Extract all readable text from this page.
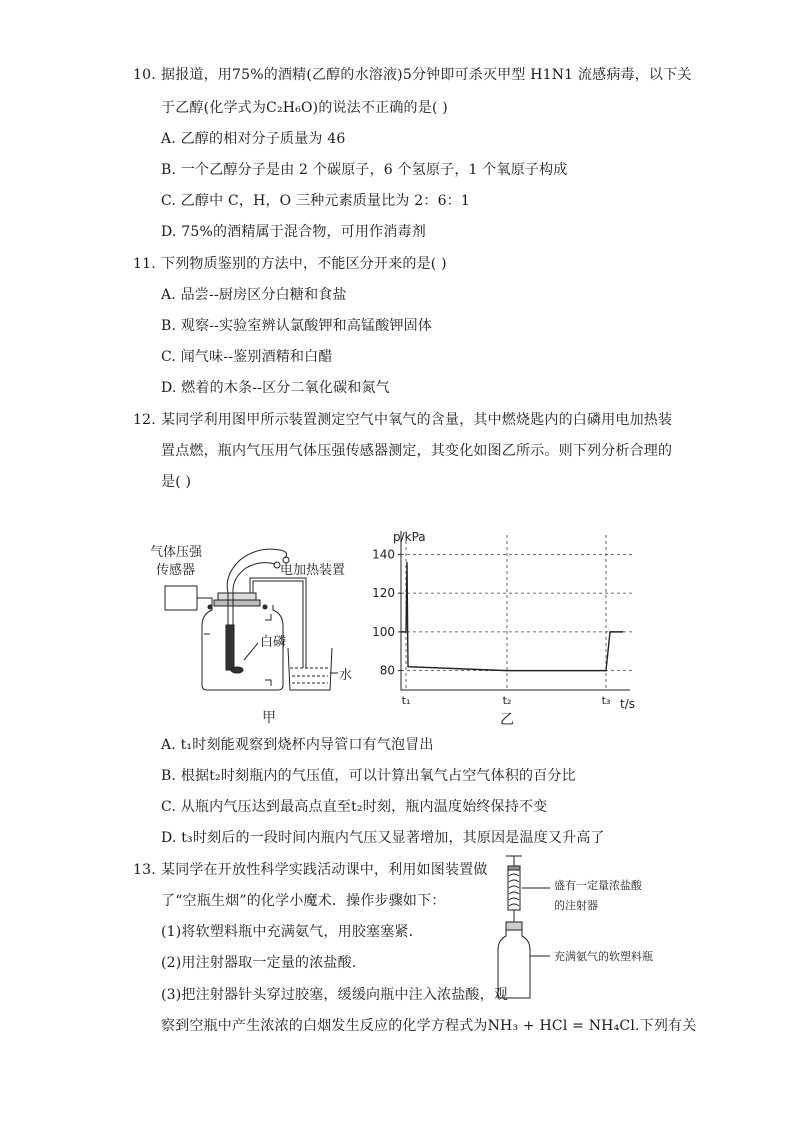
10. 据报道，用75%的酒精(乙醇的水溶液)5分钟即可杀灭甲型 H1N1 流感病毒，以下关
于乙醇(化学式为C₂H₆O)的说法不正确的是( )
A. 乙醇的相对分子质量为 46
B. 一个乙醇分子是由 2 个碳原子，6 个氢原子，1 个氧原子构成
C. 乙醇中 C，H，O 三种元素质量比为 2：6：1
D. 75%的酒精属于混合物，可用作消毒剂
11. 下列物质鉴别的方法中，不能区分开来的是( )
A. 品尝--厨房区分白糖和食盐
B. 观察--实验室辨认氯酸钾和高锰酸钾固体
C. 闻气味--鉴别酒精和白醋
D. 燃着的木条--区分二氧化碳和氮气
12. 某同学利用图甲所示装置测定空气中氧气的含量，其中燃烧匙内的白磷用电加热装
置点燃，瓶内气压用气体压强传感器测定，其变化如图乙所示。则下列分析合理的
是( )
气体压强
传感器	电加热装置
白磷
水
甲
80
100
120
140
t₁	t₂	t₃
p/kPa
t/s
乙
A. t₁时刻能观察到烧杯内导管口有气泡冒出
B. 根据t₂时刻瓶内的气压值，可以计算出氧气占空气体积的百分比
C. 从瓶内气压达到最高点直至t₂时刻，瓶内温度始终保持不变
D. t₃时刻后的一段时间内瓶内气压又显著增加，其原因是温度又升高了
13. 某同学在开放性科学实践活动课中，利用如图装置做
了“空瓶生烟”的化学小魔术．操作步骤如下：
(1)将软塑料瓶中充满氨气，用胶塞塞紧．
(2)用注射器取一定量的浓盐酸．
(3)把注射器针头穿过胶塞，缓缓向瓶中注入浓盐酸，观
察到空瓶中产生浓浓的白烟发生反应的化学方程式为NH₃ + HCl = NH₄Cl.下列有关
盛有一定量浓盐酸
的注射器
充满氨气的软塑料瓶
